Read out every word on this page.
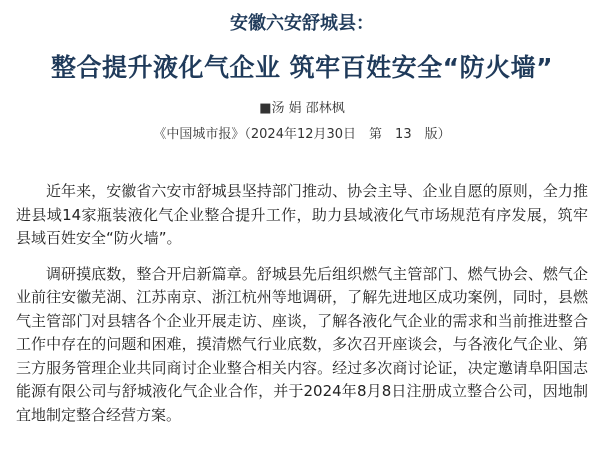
安徽六安舒城县：
整合提升液化气企业 筑牢百姓安全“防火墙”
■汤 娟 邵林枫
《中国城市报》（2024年12月30日　第　13　版）

近年来，安徽省六安市舒城县坚持部门推动、协会主导、企业自愿的原则，全力推进县域14家瓶装液化气企业整合提升工作，助力县域液化气市场规范有序发展，筑牢县域百姓安全“防火墙”。

调研摸底数，整合开启新篇章。舒城县先后组织燃气主管部门、燃气协会、燃气企业前往安徽芜湖、江苏南京、浙江杭州等地调研，了解先进地区成功案例，同时，县燃气主管部门对县辖各个企业开展走访、座谈，了解各液化气企业的需求和当前推进整合工作中存在的问题和困难，摸清燃气行业底数，多次召开座谈会，与各液化气企业、第三方服务管理企业共同商讨企业整合相关内容。经过多次商讨论证，决定邀请阜阳国志能源有限公司与舒城液化气企业合作，并于2024年8月8日注册成立整合公司，因地制宜地制定整合经营方案。
